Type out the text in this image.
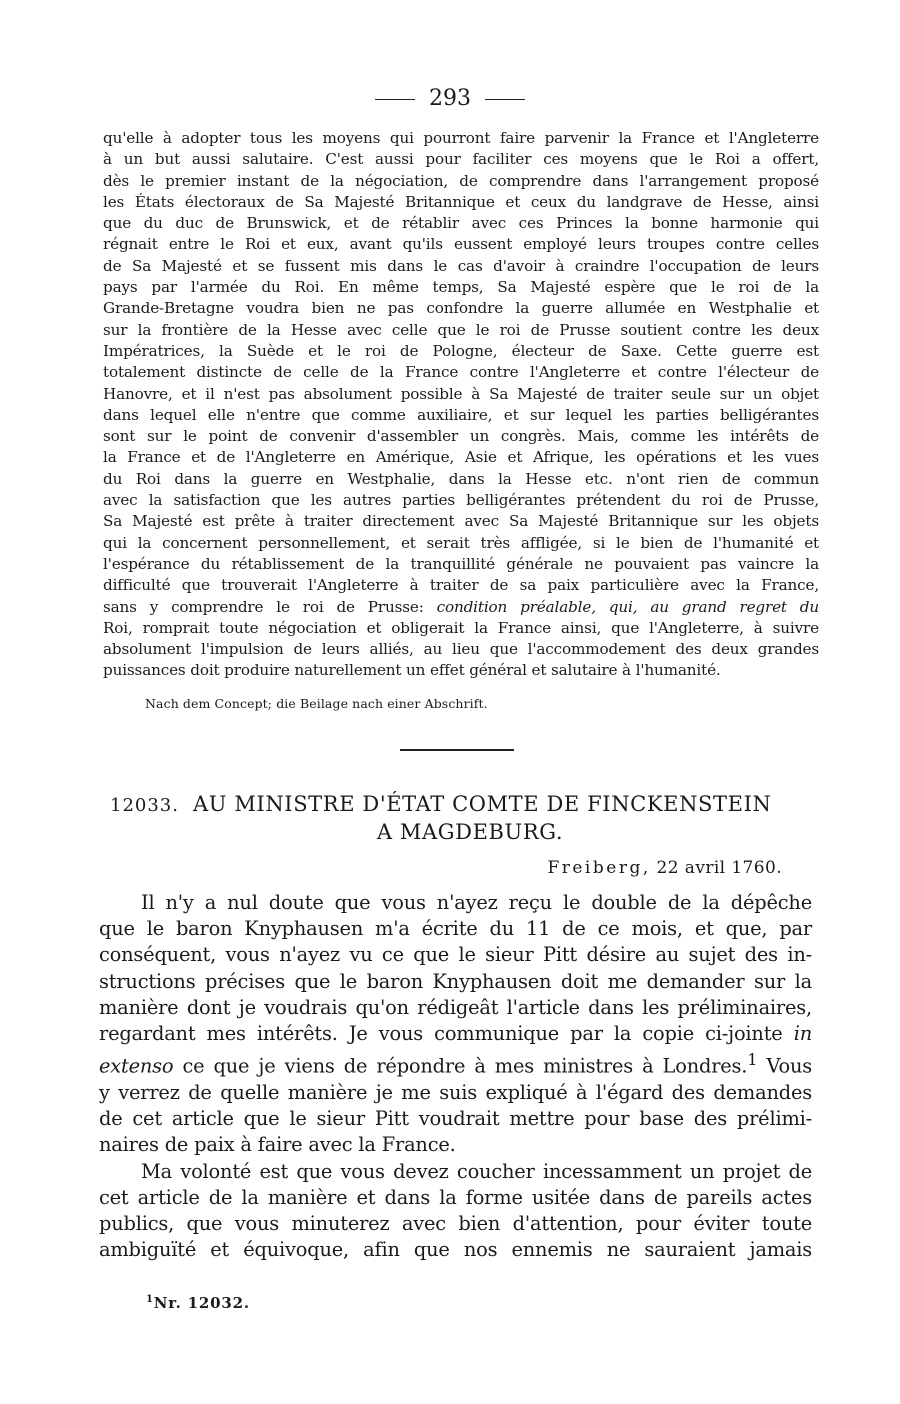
293
qu'elle à adopter tous les moyens qui pourront faire parvenir la France et l'Angleterre
à un but aussi salutaire. C'est aussi pour faciliter ces moyens que le Roi a offert,
dès le premier instant de la négociation, de comprendre dans l'arrangement proposé
les États électoraux de Sa Majesté Britannique et ceux du landgrave de Hesse, ainsi
que du duc de Brunswick, et de rétablir avec ces Princes la bonne harmonie qui
régnait entre le Roi et eux, avant qu'ils eussent employé leurs troupes contre celles
de Sa Majesté et se fussent mis dans le cas d'avoir à craindre l'occupation de leurs
pays par l'armée du Roi. En même temps, Sa Majesté espère que le roi de la
Grande-Bretagne voudra bien ne pas confondre la guerre allumée en Westphalie et
sur la frontière de la Hesse avec celle que le roi de Prusse soutient contre les deux
Impératrices, la Suède et le roi de Pologne, électeur de Saxe. Cette guerre est
totalement distincte de celle de la France contre l'Angleterre et contre l'électeur de
Hanovre, et il n'est pas absolument possible à Sa Majesté de traiter seule sur un objet
dans lequel elle n'entre que comme auxiliaire, et sur lequel les parties belligérantes
sont sur le point de convenir d'assembler un congrès. Mais, comme les intérêts de
la France et de l'Angleterre en Amérique, Asie et Afrique, les opérations et les vues
du Roi dans la guerre en Westphalie, dans la Hesse etc. n'ont rien de commun
avec la satisfaction que les autres parties belligérantes prétendent du roi de Prusse,
Sa Majesté est prête à traiter directement avec Sa Majesté Britannique sur les objets
qui la concernent personnellement, et serait très affligée, si le bien de l'humanité et
l'espérance du rétablissement de la tranquillité générale ne pouvaient pas vaincre la
difficulté que trouverait l'Angleterre à traiter de sa paix particulière avec la France,
sans y comprendre le roi de Prusse: condition préalable, qui, au grand regret du
Roi, romprait toute négociation et obligerait la France ainsi, que l'Angleterre, à suivre
absolument l'impulsion de leurs alliés, au lieu que l'accommodement des deux grandes
puissances doit produire naturellement un effet général et salutaire à l'humanité.
Nach dem Concept; die Beilage nach einer Abschrift.
12033. AU MINISTRE D'ÉTAT COMTE DE FINCKENSTEIN
A MAGDEBURG.
Freiberg, 22 avril 1760.
Il n'y a nul doute que vous n'ayez reçu le double de la dépêche
que le baron Knyphausen m'a écrite du 11 de ce mois, et que, par
conséquent, vous n'ayez vu ce que le sieur Pitt désire au sujet des in-
structions précises que le baron Knyphausen doit me demander sur la
manière dont je voudrais qu'on rédigeât l'article dans les préliminaires,
regardant mes intérêts. Je vous communique par la copie ci-jointe in
extenso ce que je viens de répondre à mes ministres à Londres.$^1$ Vous
y verrez de quelle manière je me suis expliqué à l'égard des demandes
de cet article que le sieur Pitt voudrait mettre pour base des prélimi-
naires de paix à faire avec la France.
Ma volonté est que vous devez coucher incessamment un projet de
cet article de la manière et dans la forme usitée dans de pareils actes
publics, que vous minuterez avec bien d'attention, pour éviter toute
ambiguïté et équivoque, afin que nos ennemis ne sauraient jamais
$^1$Nr. 12032.
